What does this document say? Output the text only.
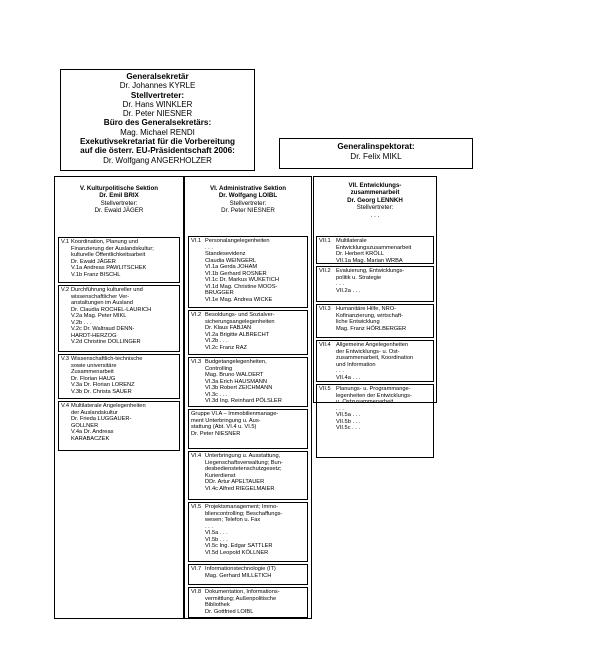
Generalsekretär
Dr. Johannes KYRLE
Stellvertreter:
Dr. Hans WINKLER
Dr. Peter NIESNER
Büro des Generalsekretärs:
Mag. Michael RENDI
Exekutivsekretariat für die Vorbereitung
auf die österr. EU-Präsidentschaft 2006:
Dr. Wolfgang ANGERHOLZER
Generalinspektorat:
Dr. Felix MIKL
V. Kulturpolitische Sektion
Dr. Emil BRIX
Stellvertreter:
Dr. Ewald JÄGER
V.1 Koordination, Planung und
Finanzierung der Auslandskultur;
kulturelle Öffentlichkeitsarbeit
Dr. Ewald JÄGER
V.1a Andreas PAWLITSCHEK
V.1b Franz BISCHL
V.2 Durchführung kultureller und
wissenschaftlicher Ver-
anstaltungen im Ausland
Dr. Claudia ROCHEL-LAURICH
V.2a Mag. Peter MIKL
V.2b . . .
V.2c Dr. Waltraud DENN-
HARDT-HERZOG
V.2d Christine DOLLINGER
V.3 Wissenschaftlich-technische
sowie universitäre
Zusammenarbeit
Dr. Florian HAUG
V.3a Dr. Florian LORENZ
V.3b Dr. Christa SAUER
V.4 Multilaterale Angelegenheiten
der Auslandskultur
Dr. Frieda LUGGAUER-
GOLLNER
V.4a Dr. Andreas
KARABACZEK
VI. Administrative Sektion
Dr. Wolfgang LOIBL
Stellvertreter:
Dr. Peter NIESNER
VI.1 Personalangelegenheiten
. . .
Standesevidenz
Claudia WEINGERL
VI.1a Gerda JOHAM
VI.1b Gerhard ROSNER
VI.1c Dr. Markus WUKETICH
VI.1d Mag. Christine MOOS-
BRUGGER
VI.1e Mag. Andrea WICKE
VI.2 Besoldungs- und Sozialver-
sicherungsangelegenheiten
Dr. Klaus FABJAN
VI.2a Brigitte ALBRECHT
VI.2b . . .
VI.2c Franz RAZ
VI.3 Budgetangelegenheiten,
Controlling
Mag. Bruno WALDERT
VI.3a Erich HAUSMANN
VI.3b Robert ZEICHMANN
VI.3c . . .
VI.3d Ing. Reinhard PÖLSLER
Gruppe VI.A – Immobilienmanage-
ment Unterbringung u. Aus-
stattung (Abt. VI.4 u. VI.5)
Dr. Peter NIESNER
VI.4 Unterbringung u. Ausstattung,
Liegenschaftsverwaltung; Bun-
desbedienstetenschutzgesetz;
Kurierdienst
DDr. Artur APELTAUER
VI.4c Alfred RIEGELMAIER
VI.5 Projektsmanagement; Immo-
bliencontrolling; Beschaffungs-
wesen; Telefon u. Fax
. . .
VI.5a . . .
VI.5b . . .
VI.5c Ing. Edgar SATTLER
VI.5d Leopold KÖLLNER
VI.7 Informationstechnologie (IT)
Mag. Gerhard MILLETICH
VI.8 Dokumentation, Informations-
vermittlung; Außenpolitische
Bibliothek
Dr. Gottfried LOIBL
VII. Entwicklungs-
zusammenarbeit
Dr. Georg LENNKH
Stellvertreter:
. . .
VII.1 Multilaterale
Entwicklungszusammenarbeit
Dr. Herbert KRÖLL
VII.1a Mag. Marian WRBA
VII.2 Evaluierung, Entwicklungs-
politik u. Strategie
. . .
VII.2a . . .
VII.3 Humanitäre Hilfe, NRO-
Kofinanzierung, wirtschaft-
liche Entwicklung
Mag. Franz HÖRLBERGER
VII.4 Allgemeine Angelegenheiten
der Entwicklungs- u. Ost-
zusammenarbeit, Koordination
und Information
. . .
VII.4a . . .
VII.5 Planungs- u. Programmange-
legenheiten der Entwicklungs-
u. Ostzusammenarbeit
. . .
VII.5a . . .
VII.5b . . .
VII.5c . . .
